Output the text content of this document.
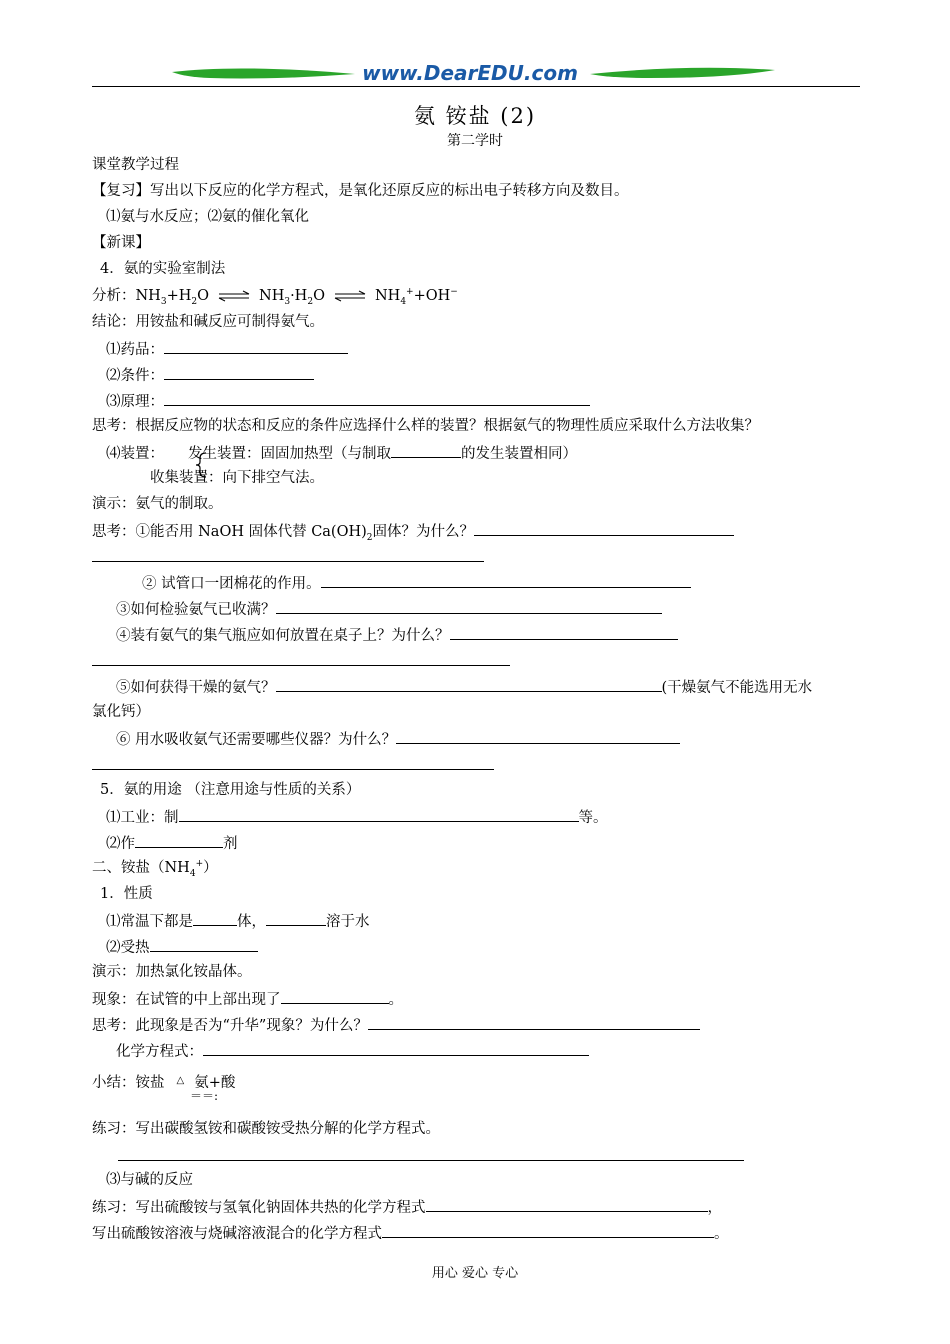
www.DearEDU.com
氨 铵盐 (2)
第二学时
课堂教学过程
【复习】写出以下反应的化学方程式，是氧化还原反应的标出电子转移方向及数目。
⑴氨与水反应；⑵氨的催化氧化
【新课】
4．氨的实验室制法
分析：$NH_3+H_2O$ ⇌ $NH_3\cdot H_2O$ ⇌ $NH_4^++OH^-$
结论：用铵盐和碱反应可制得氨气。
⑴药品：
⑵条件：
⑶原理：
思考：根据反应物的状态和反应的条件应选择什么样的装置？根据氨气的物理性质应采取什么方法收集？
⑷装置： 发生装置：固固加热型（与制取	的发生装置相同）
收集装置：向下排空气法。
演示：氨气的制取。
思考：①能否用 NaOH 固体代替 $Ca(OH)_2$固体？为什么？
② 试管口一团棉花的作用。
③如何检验氨气已收满？
④装有氨气的集气瓶应如何放置在桌子上？为什么？
⑤如何获得干燥的氨气？	(干燥氨气不能选用无水
氯化钙）
⑥ 用水吸收氨气还需要哪些仪器？为什么？
5．氨的用途 （注意用途与性质的关系）
⑴工业：制	等。
⑵作	剂
二、铵盐$(NH_4^+)$
1．性质
⑴常温下都是	体，	溶于水
⑵受热
演示：加热氯化铵晶体。
现象：在试管的中上部出现了	。
思考：此现象是否为“升华”现象？为什么？
化学方程式：
小结：铵盐 △ 氨+酸
＝＝:
练习：写出碳酸氢铵和碳酸铵受热分解的化学方程式。
⑶与碱的反应
练习：写出硫酸铵与氢氧化钠固体共热的化学方程式	，
写出硫酸铵溶液与烧碱溶液混合的化学方程式	。
用心 爱心 专心
